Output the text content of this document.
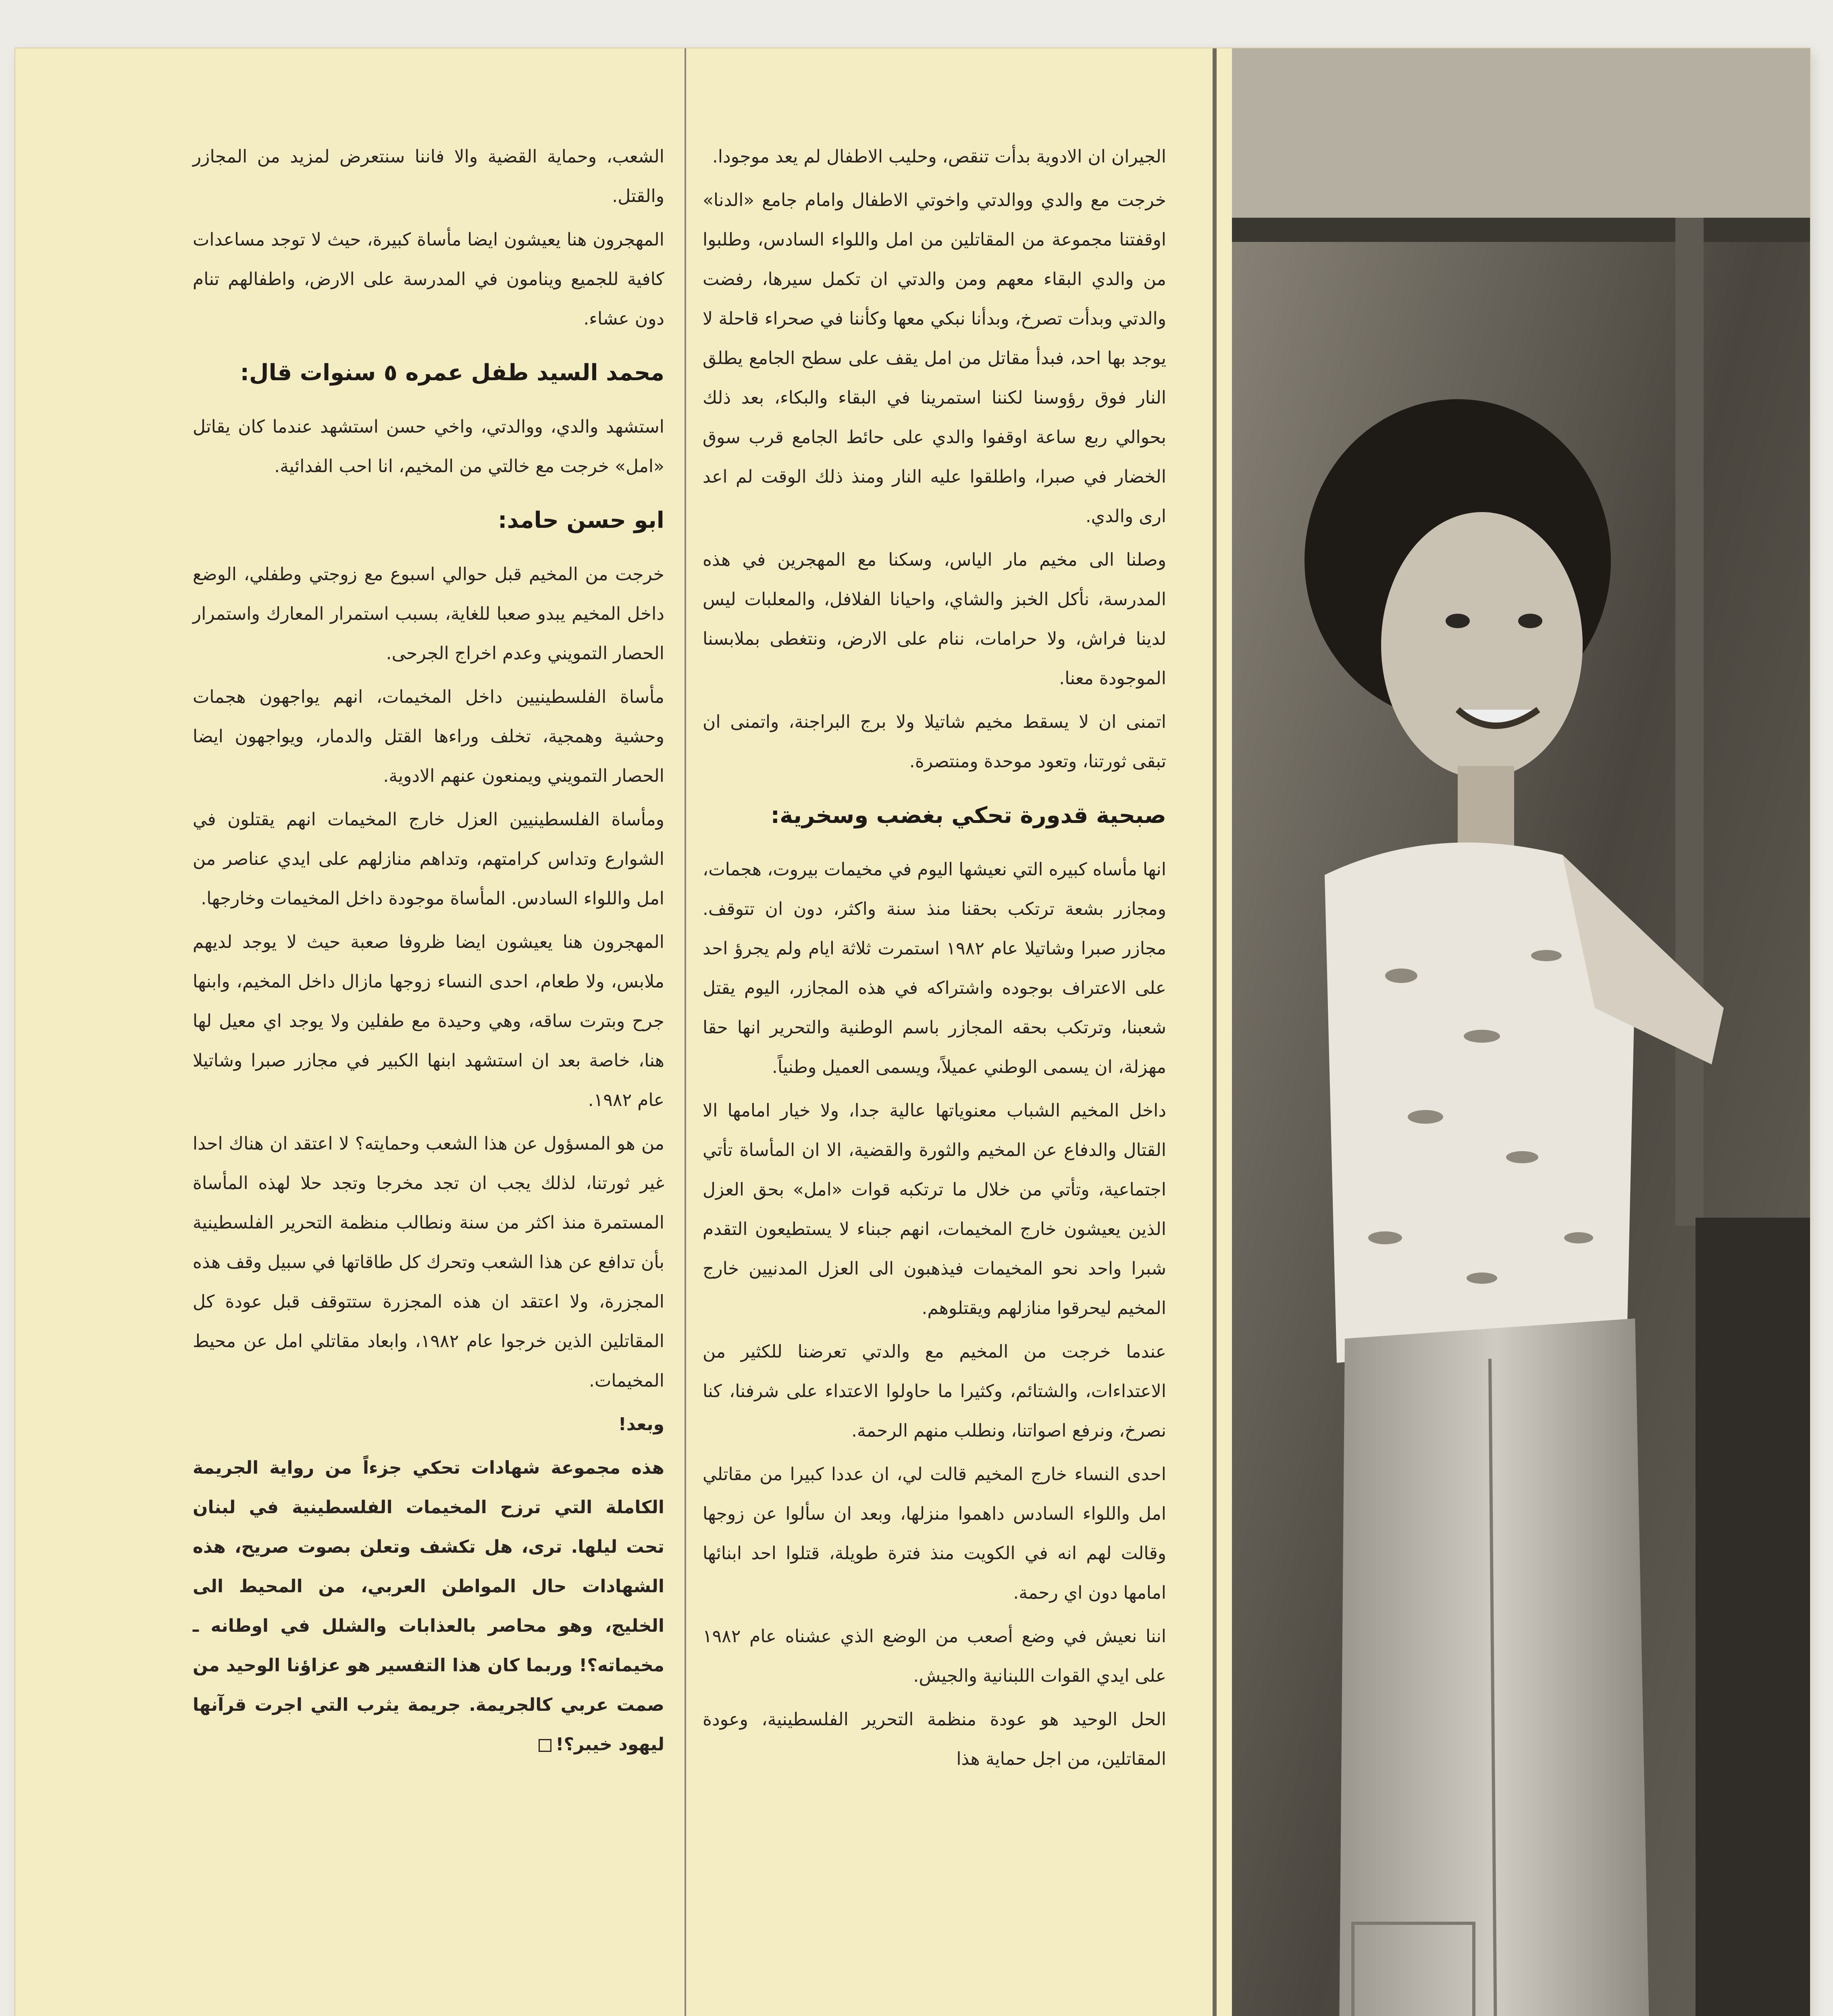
الشعب، وحماية القضية والا فاننا سنتعرض لمزيد من المجازر والقتل.

المهجرون هنا يعيشون ايضا مأساة كبيرة، حيث لا توجد مساعدات كافية للجميع وينامون في المدرسة على الارض، واطفالهم تنام دون عشاء.

محمد السيد طفل عمره ٥ سنوات قال:

استشهد والدي، ووالدتي، واخي حسن استشهد عندما كان يقاتل «امل» خرجت مع خالتي من المخيم، انا احب الفدائية.

ابو حسن حامد:

خرجت من المخيم قبل حوالي اسبوع مع زوجتي وطفلي، الوضع داخل المخيم يبدو صعبا للغاية، بسبب استمرار المعارك واستمرار الحصار التمويني وعدم اخراج الجرحى.

مأساة الفلسطينيين داخل المخيمات، انهم يواجهون هجمات وحشية وهمجية، تخلف وراءها القتل والدمار، ويواجهون ايضا الحصار التمويني ويمنعون عنهم الادوية.

ومأساة الفلسطينيين العزل خارج المخيمات انهم يقتلون في الشوارع وتداس كرامتهم، وتداهم منازلهم على ايدي عناصر من امل واللواء السادس. المأساة موجودة داخل المخيمات وخارجها.

المهجرون هنا يعيشون ايضا ظروفا صعبة حيث لا يوجد لديهم ملابس، ولا طعام، احدى النساء زوجها مازال داخل المخيم، وابنها جرح وبترت ساقه، وهي وحيدة مع طفلين ولا يوجد اي معيل لها هنا، خاصة بعد ان استشهد ابنها الكبير في مجازر صبرا وشاتيلا عام ١٩٨٢.

من هو المسؤول عن هذا الشعب وحمايته؟ لا اعتقد ان هناك احدا غير ثورتنا، لذلك يجب ان تجد مخرجا وتجد حلا لهذه المأساة المستمرة منذ اكثر من سنة ونطالب منظمة التحرير الفلسطينية بأن تدافع عن هذا الشعب وتحرك كل طاقاتها في سبيل وقف هذه المجزرة، ولا اعتقد ان هذه المجزرة ستتوقف قبل عودة كل المقاتلين الذين خرجوا عام ١٩٨٢، وابعاد مقاتلي امل عن محيط المخيمات.

وبعد!

هذه مجموعة شهادات تحكي جزءاً من رواية الجريمة الكاملة التي ترزح المخيمات الفلسطينية في لبنان تحت ليلها. ترى، هل تكشف وتعلن بصوت صريح، هذه الشهادات حال المواطن العربي، من المحيط الى الخليج، وهو محاصر بالعذابات والشلل في اوطانه ـ مخيماته؟! وربما كان هذا التفسير هو عزاؤنا الوحيد من صمت عربي كالجريمة. جريمة يثرب التي اجرت قرآنها ليهود خيبر؟!

الجيران ان الادوية بدأت تنقص، وحليب الاطفال لم يعد موجودا.

خرجت مع والدي ووالدتي واخوتي الاطفال وامام جامع «الدنا» اوقفتنا مجموعة من المقاتلين من امل واللواء السادس، وطلبوا من والدي البقاء معهم ومن والدتي ان تكمل سيرها، رفضت والدتي وبدأت تصرخ، وبدأنا نبكي معها وكأننا في صحراء قاحلة لا يوجد بها احد، فبدأ مقاتل من امل يقف على سطح الجامع يطلق النار فوق رؤوسنا لكننا استمرينا في البقاء والبكاء، بعد ذلك بحوالي ربع ساعة اوقفوا والدي على حائط الجامع قرب سوق الخضار في صبرا، واطلقوا عليه النار ومنذ ذلك الوقت لم اعد ارى والدي.

وصلنا الى مخيم مار الياس، وسكنا مع المهجرين في هذه المدرسة، نأكل الخبز والشاي، واحيانا الفلافل، والمعلبات ليس لدينا فراش، ولا حرامات، ننام على الارض، ونتغطى بملابسنا الموجودة معنا.

اتمنى ان لا يسقط مخيم شاتيلا ولا برج البراجنة، واتمنى ان تبقى ثورتنا، وتعود موحدة ومنتصرة.

صبحية قدورة تحكي بغضب وسخرية:

انها مأساه كبيره التي نعيشها اليوم في مخيمات بيروت، هجمات، ومجازر بشعة ترتكب بحقنا منذ سنة واكثر، دون ان تتوقف. مجازر صبرا وشاتيلا عام ١٩٨٢ استمرت ثلاثة ايام ولم يجرؤ احد على الاعتراف بوجوده واشتراكه في هذه المجازر، اليوم يقتل شعبنا، وترتكب بحقه المجازر باسم الوطنية والتحرير انها حقا مهزلة، ان يسمى الوطني عميلاً، ويسمى العميل وطنياً.

داخل المخيم الشباب معنوياتها عالية جدا، ولا خيار امامها الا القتال والدفاع عن المخيم والثورة والقضية، الا ان المأساة تأتي اجتماعية، وتأتي من خلال ما ترتكبه قوات «امل» بحق العزل الذين يعيشون خارج المخيمات، انهم جبناء لا يستطيعون التقدم شبرا واحد نحو المخيمات فيذهبون الى العزل المدنيين خارج المخيم ليحرقوا منازلهم ويقتلوهم.

عندما خرجت من المخيم مع والدتي تعرضنا للكثير من الاعتداءات، والشتائم، وكثيرا ما حاولوا الاعتداء على شرفنا، كنا نصرخ، ونرفع اصواتنا، ونطلب منهم الرحمة.

احدى النساء خارج المخيم قالت لي، ان عددا كبيرا من مقاتلي امل واللواء السادس داهموا منزلها، وبعد ان سألوا عن زوجها وقالت لهم انه في الكويت منذ فترة طويلة، قتلوا احد ابنائها امامها دون اي رحمة.

اننا نعيش في وضع أصعب من الوضع الذي عشناه عام ١٩٨٢ على ايدي القوات اللبنانية والجيش.

الحل الوحيد هو عودة منظمة التحرير الفلسطينية، وعودة المقاتلين، من اجل حماية هذا
